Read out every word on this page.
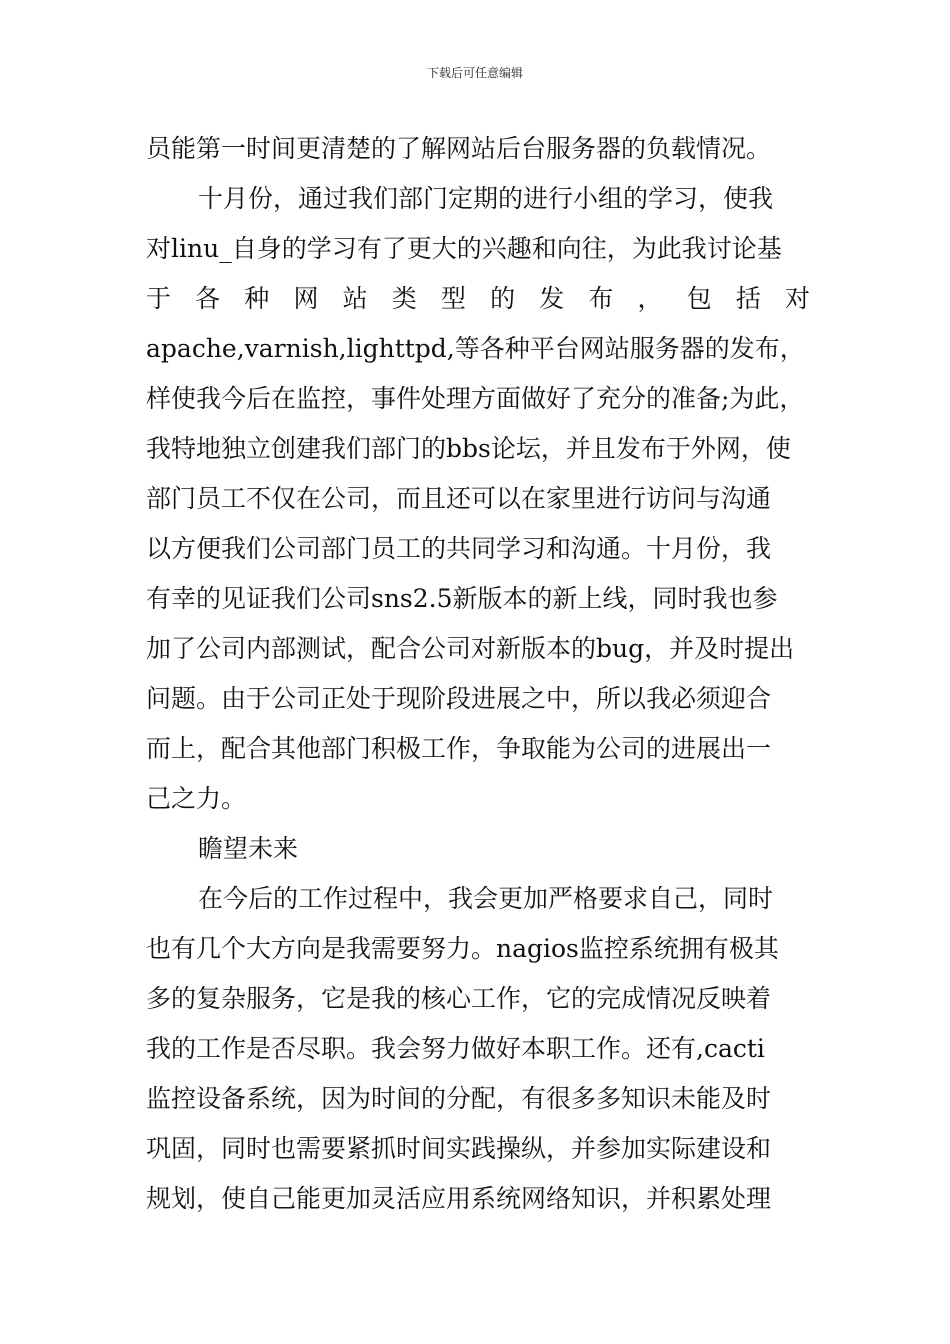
下载后可任意编辑
员能第一时间更清楚的了解网站后台服务器的负载情况。
十月份，通过我们部门定期的进行小组的学习，使我
对linu_自身的学习有了更大的兴趣和向往，为此我讨论基
于 各 种 网 站 类 型 的 发 布 ， 包 括 对
apache,varnish,lighttpd,等各种平台网站服务器的发布，
样使我今后在监控，事件处理方面做好了充分的准备;为此，
我特地独立创建我们部门的bbs论坛，并且发布于外网，使
部门员工不仅在公司，而且还可以在家里进行访问与沟通
以方便我们公司部门员工的共同学习和沟通。十月份，我
有幸的见证我们公司sns2.5新版本的新上线，同时我也参
加了公司内部测试，配合公司对新版本的bug，并及时提出
问题。由于公司正处于现阶段进展之中，所以我必须迎合
而上，配合其他部门积极工作，争取能为公司的进展出一
己之力。
瞻望未来
在今后的工作过程中，我会更加严格要求自己，同时
也有几个大方向是我需要努力。nagios监控系统拥有极其
多的复杂服务，它是我的核心工作，它的完成情况反映着
我的工作是否尽职。我会努力做好本职工作。还有,cacti
监控设备系统，因为时间的分配，有很多多知识未能及时
巩固，同时也需要紧抓时间实践操纵，并参加实际建设和
规划，使自己能更加灵活应用系统网络知识，并积累处理
